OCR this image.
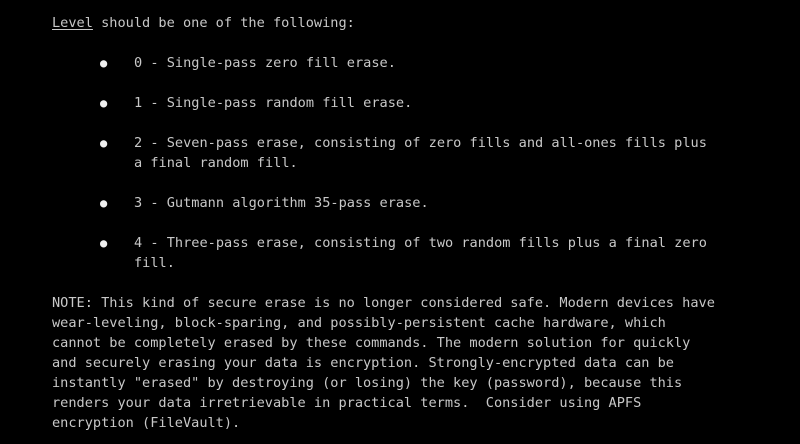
Level should be one of the following:
● 0 - Single-pass zero fill erase.
● 1 - Single-pass random fill erase.
● 2 - Seven-pass erase, consisting of zero fills and all-ones fills plus
a final random fill.
● 3 - Gutmann algorithm 35-pass erase.
● 4 - Three-pass erase, consisting of two random fills plus a final zero
fill.
NOTE: This kind of secure erase is no longer considered safe. Modern devices have
wear-leveling, block-sparing, and possibly-persistent cache hardware, which
cannot be completely erased by these commands. The modern solution for quickly
and securely erasing your data is encryption. Strongly-encrypted data can be
instantly "erased" by destroying (or losing) the key (password), because this
renders your data irretrievable in practical terms.  Consider using APFS
encryption (FileVault).
